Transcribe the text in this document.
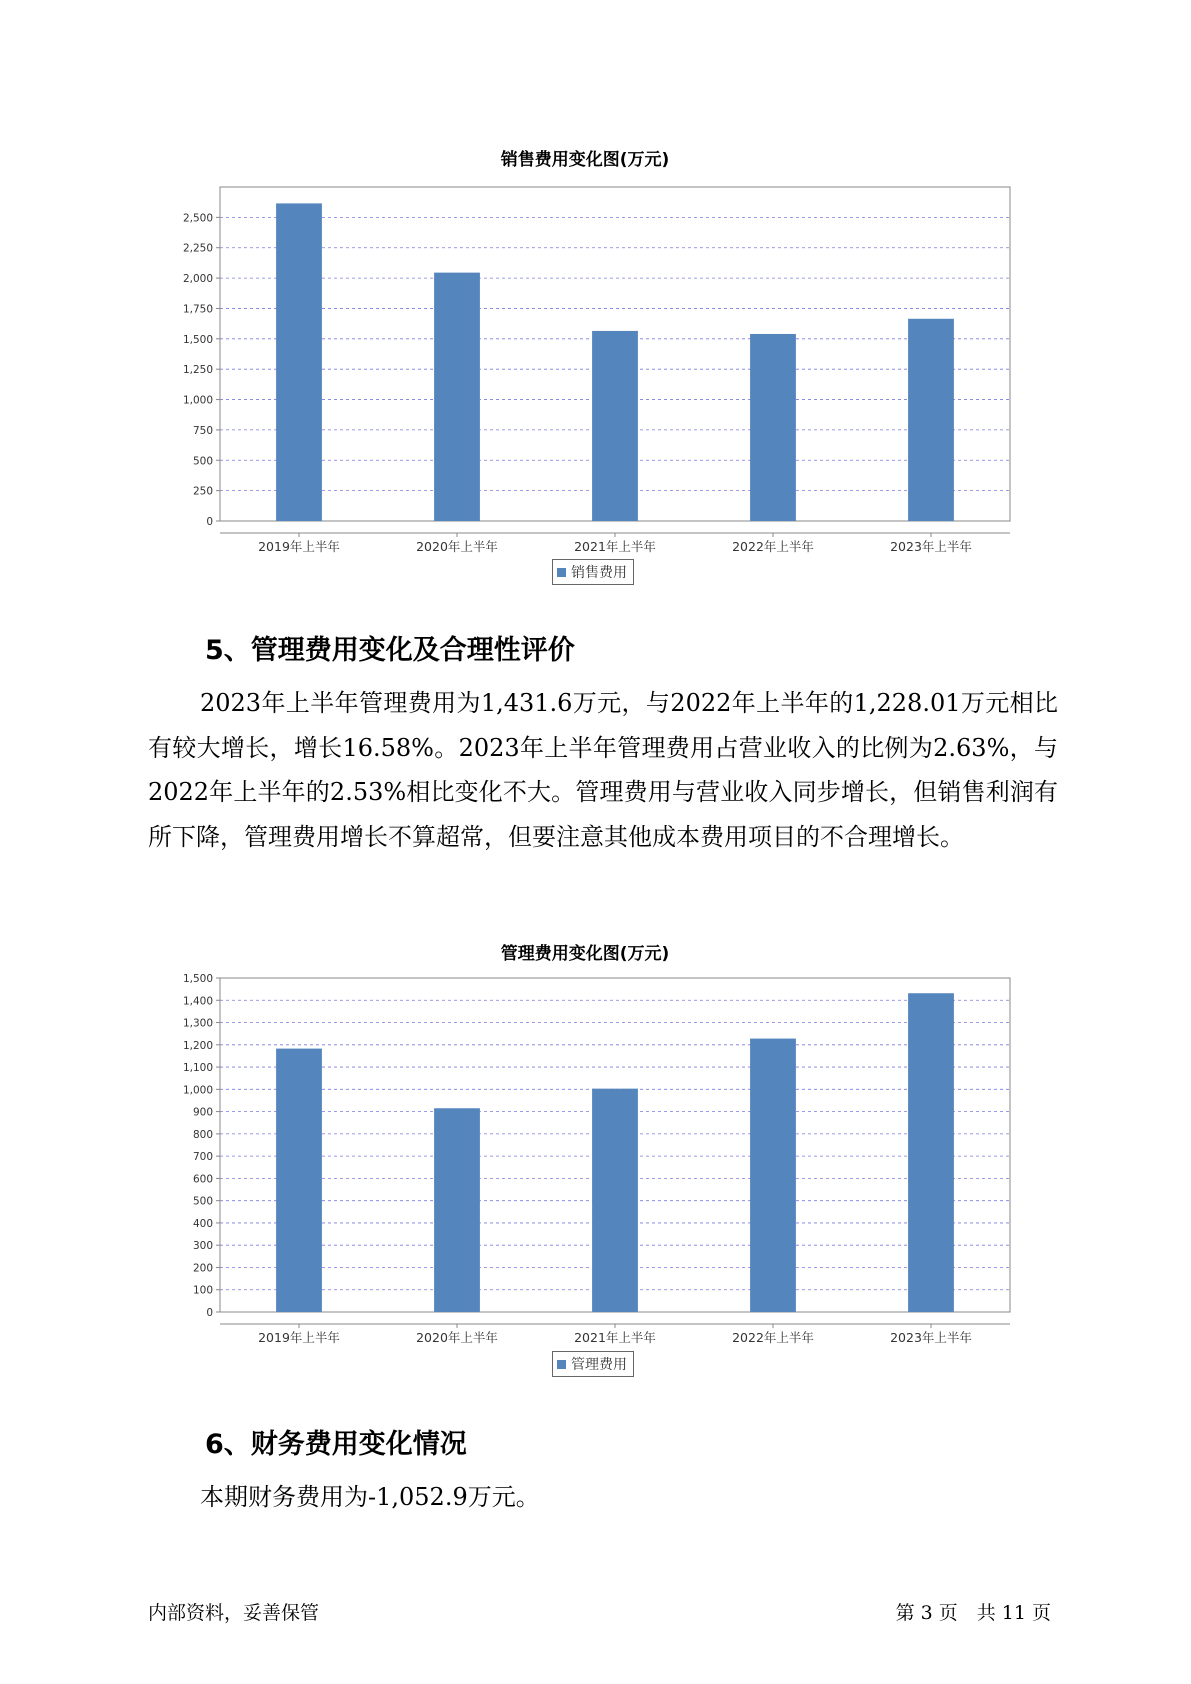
销售费用变化图(万元)
0
250
500
750
1,000
1,250
1,500
1,750
2,000
2,250
2,500
2019年上半年	2020年上半年	2021年上半年	2022年上半年	2023年上半年
销售费用
5、管理费用变化及合理性评价
2023年上半年管理费用为1,431.6万元，与2022年上半年的1,228.01万元相比有较大增长，增长16.58%。2023年上半年管理费用占营业收入的比例为2.63%，与2022年上半年的2.53%相比变化不大。管理费用与营业收入同步增长，但销售利润有所下降，管理费用增长不算超常，但要注意其他成本费用项目的不合理增长。
管理费用变化图(万元)
0
100
200
300
400
500
600
700
800
900
1,000
1,100
1,200
1,300
1,400
1,500
2019年上半年	2020年上半年	2021年上半年	2022年上半年	2023年上半年
管理费用
6、财务费用变化情况
本期财务费用为-1,052.9万元。
内部资料，妥善保管	第 3 页　共 11 页
